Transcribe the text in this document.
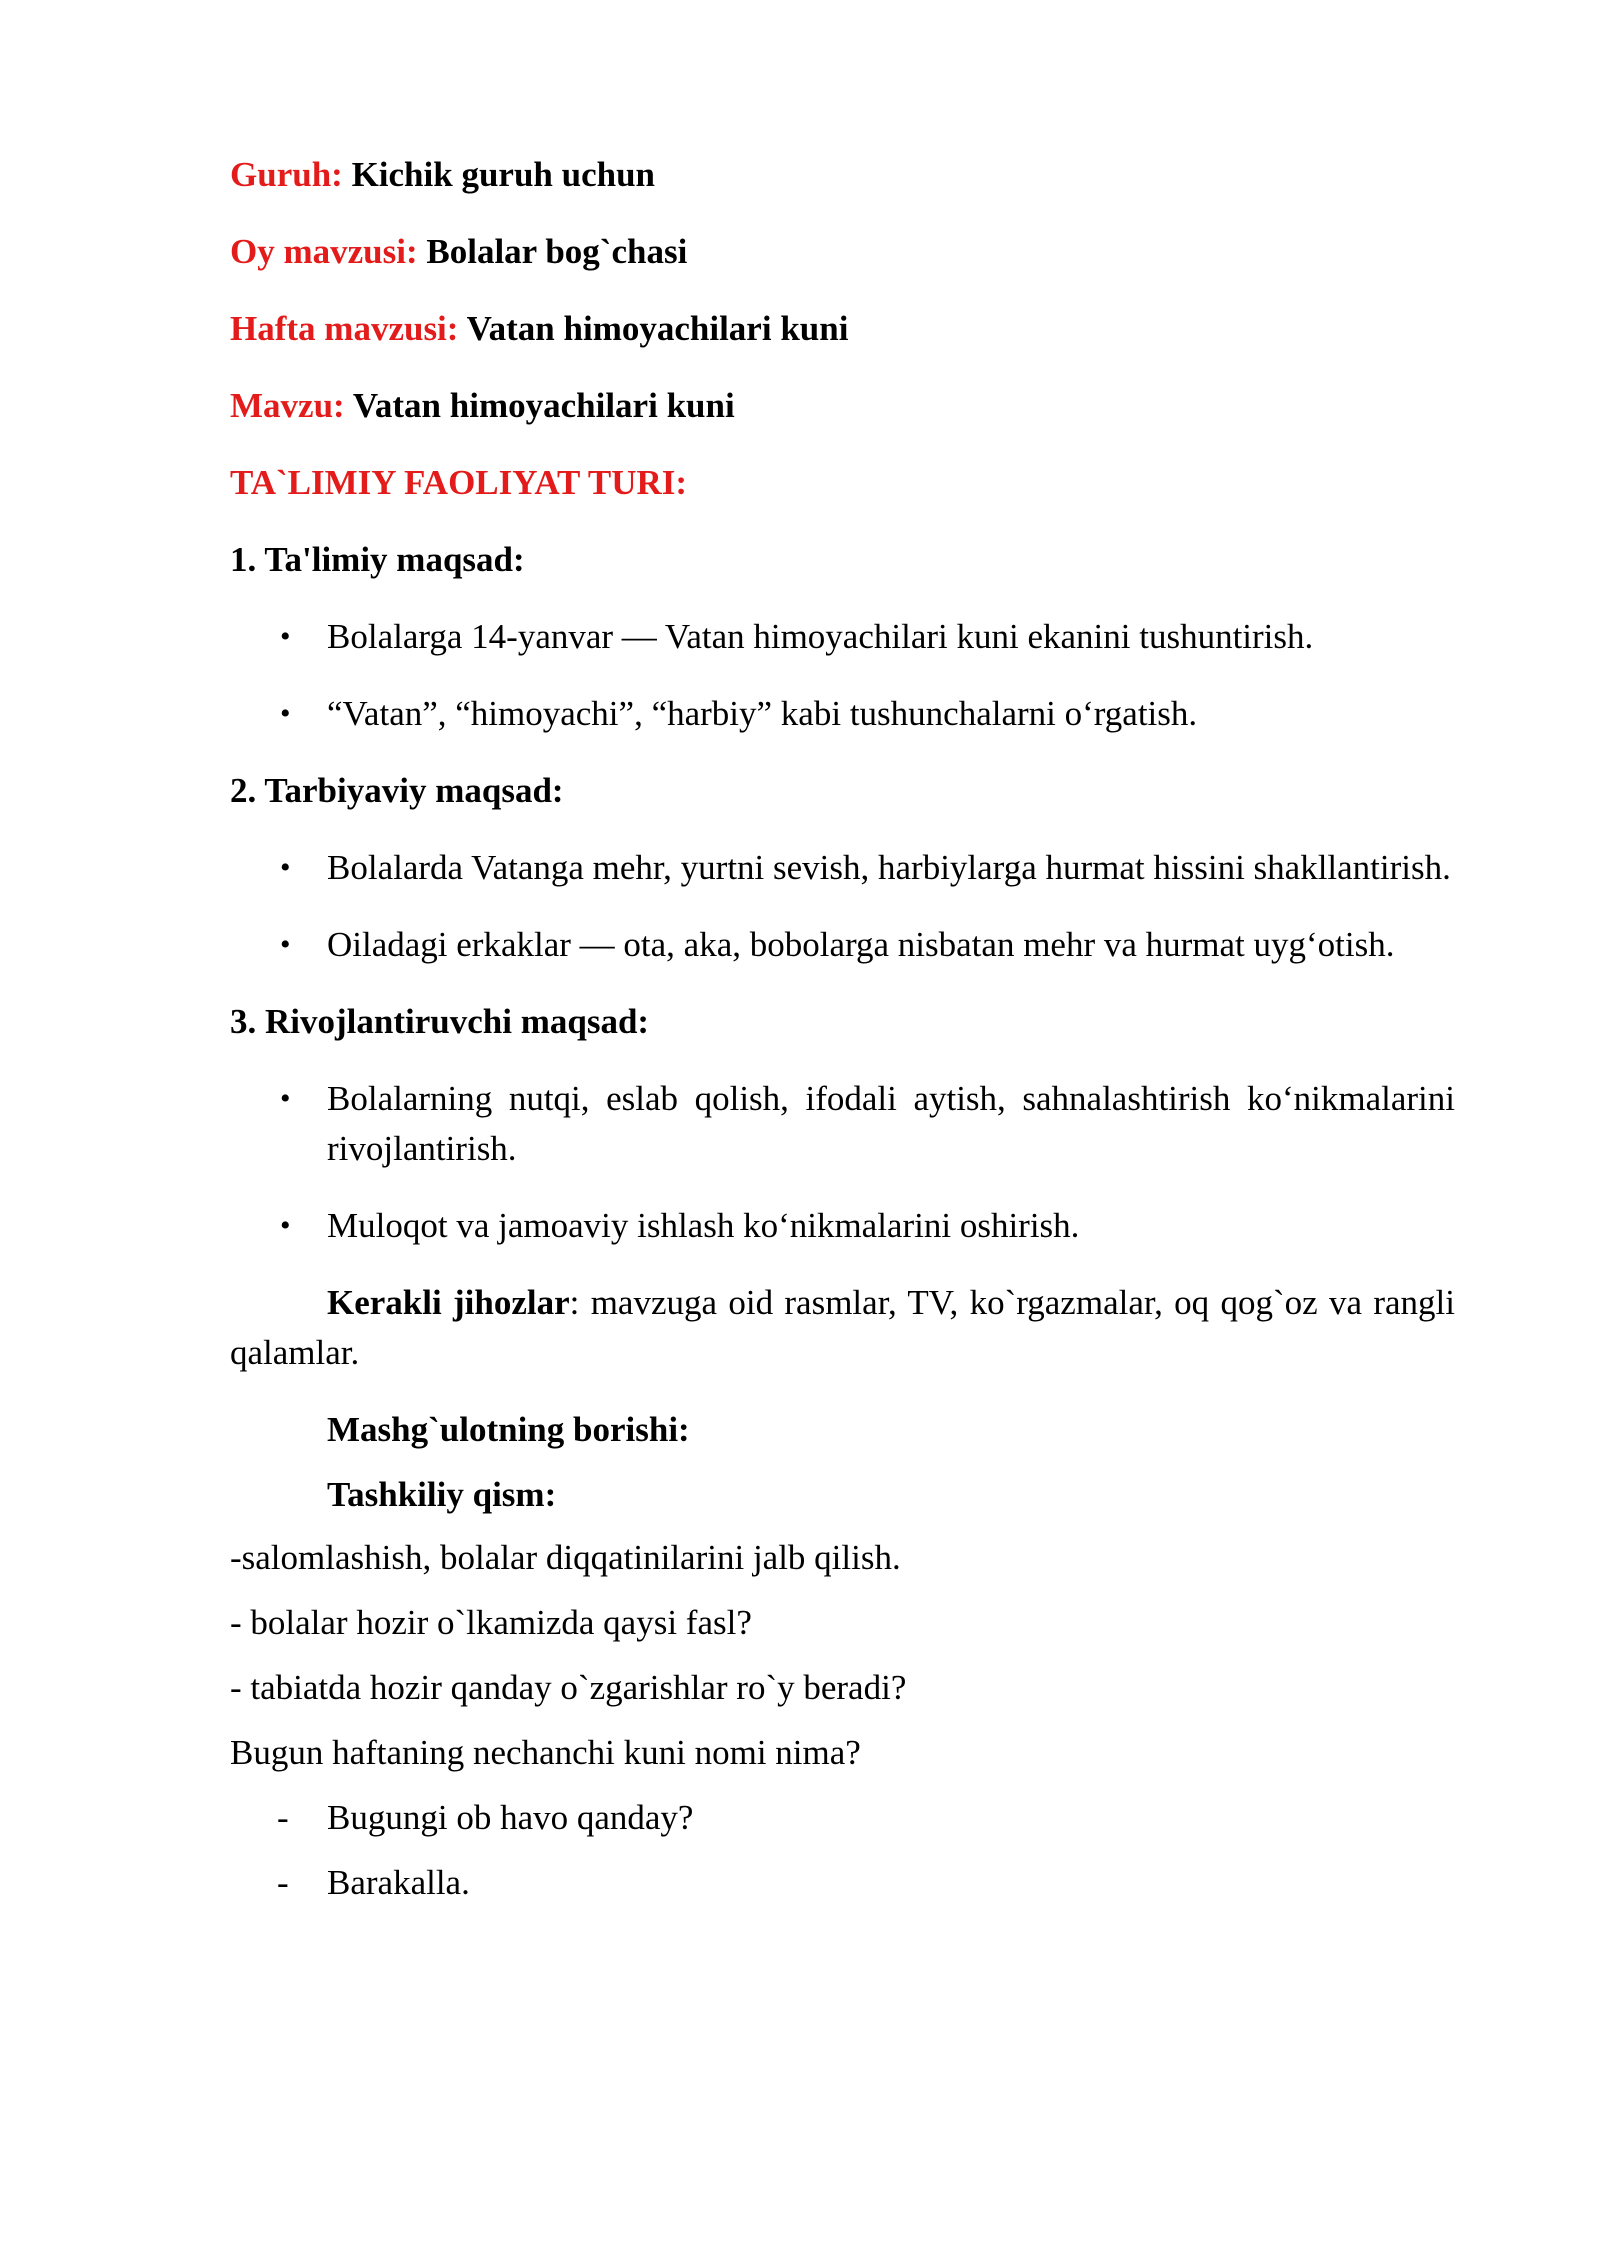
Guruh: Kichik guruh uchun

Oy mavzusi: Bolalar bog`chasi

Hafta mavzusi: Vatan himoyachilari kuni

Mavzu: Vatan himoyachilari kuni

TA`LIMIY FAOLIYAT TURI:

1. Ta'limiy maqsad:

• Bolalarga 14-yanvar — Vatan himoyachilari kuni ekanini tushuntirish.
• “Vatan”, “himoyachi”, “harbiy” kabi tushunchalarni o‘rgatish.

2. Tarbiyaviy maqsad:

• Bolalarda Vatanga mehr, yurtni sevish, harbiylarga hurmat hissini shakllantirish.
• Oiladagi erkaklar — ota, aka, bobolarga nisbatan mehr va hurmat uyg‘otish.

3. Rivojlantiruvchi maqsad:

• Bolalarning nutqi, eslab qolish, ifodali aytish, sahnalashtirish ko‘nikmalarini rivojlantirish.
• Muloqot va jamoaviy ishlash ko‘nikmalarini oshirish.

Kerakli jihozlar: mavzuga oid rasmlar, TV, ko`rgazmalar, oq qog`oz va rangli qalamlar.

Mashg`ulotning borishi:

Tashkiliy qism:

-salomlashish, bolalar diqqatinilarini jalb qilish.

- bolalar hozir o`lkamizda qaysi fasl?

- tabiatda hozir qanday o`zgarishlar ro`y beradi?

Bugun haftaning nechanchi kuni nomi nima?

- Bugungi ob havo qanday?
- Barakalla.
